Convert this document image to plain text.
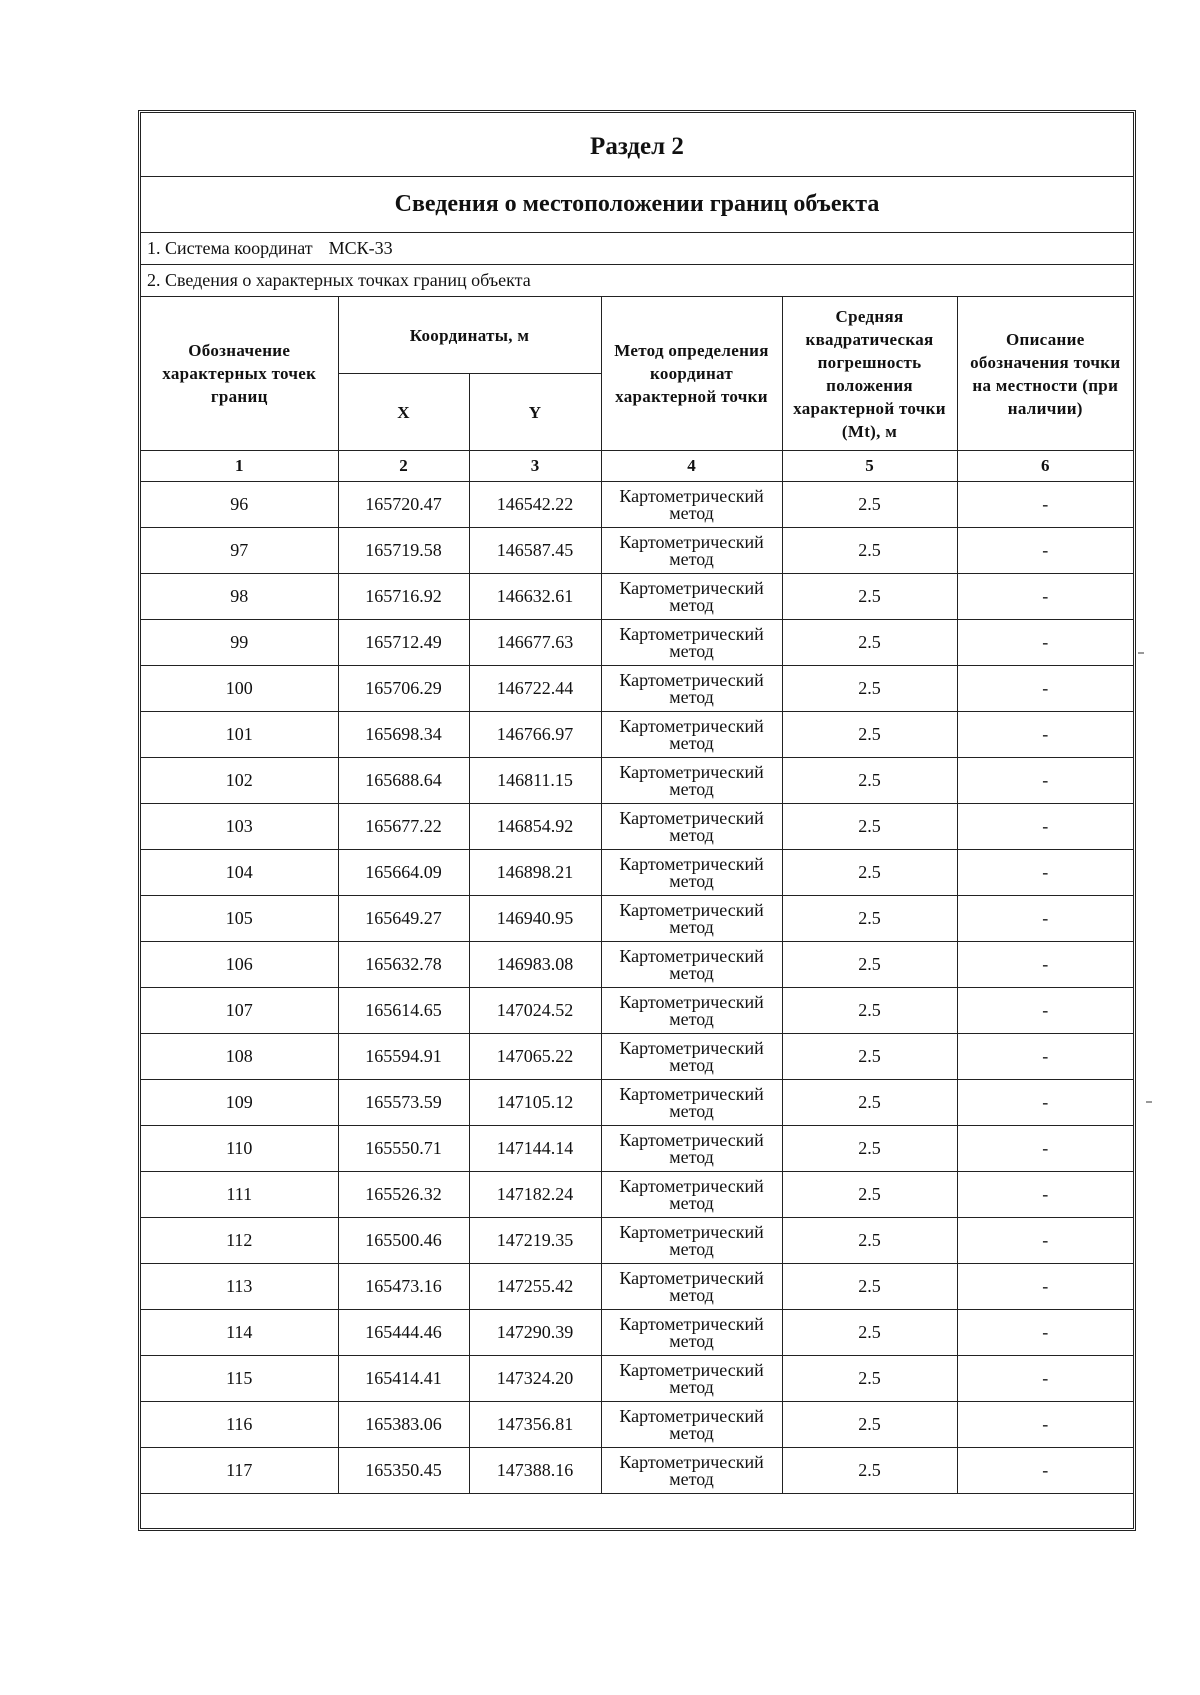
Раздел 2
Сведения о местоположении границ объекта
1. Система координат МСК-33
2. Сведения о характерных точках границ объекта
Обозначение характерных точек границ	Координаты, м		Метод определения координат характерной точки	Средняя квадратическая погрешность положения характерной точки (Mt), м	Описание обозначения точки на местности (при наличии)
	X	Y			
1	2	3	4	5	6
96	165720.47	146542.22	Картометрический метод	2.5	-
97	165719.58	146587.45	Картометрический метод	2.5	-
98	165716.92	146632.61	Картометрический метод	2.5	-
99	165712.49	146677.63	Картометрический метод	2.5	-
100	165706.29	146722.44	Картометрический метод	2.5	-
101	165698.34	146766.97	Картометрический метод	2.5	-
102	165688.64	146811.15	Картометрический метод	2.5	-
103	165677.22	146854.92	Картометрический метод	2.5	-
104	165664.09	146898.21	Картометрический метод	2.5	-
105	165649.27	146940.95	Картометрический метод	2.5	-
106	165632.78	146983.08	Картометрический метод	2.5	-
107	165614.65	147024.52	Картометрический метод	2.5	-
108	165594.91	147065.22	Картометрический метод	2.5	-
109	165573.59	147105.12	Картометрический метод	2.5	-
110	165550.71	147144.14	Картометрический метод	2.5	-
111	165526.32	147182.24	Картометрический метод	2.5	-
112	165500.46	147219.35	Картометрический метод	2.5	-
113	165473.16	147255.42	Картометрический метод	2.5	-
114	165444.46	147290.39	Картометрический метод	2.5	-
115	165414.41	147324.20	Картометрический метод	2.5	-
116	165383.06	147356.81	Картометрический метод	2.5	-
117	165350.45	147388.16	Картометрический метод	2.5	-
